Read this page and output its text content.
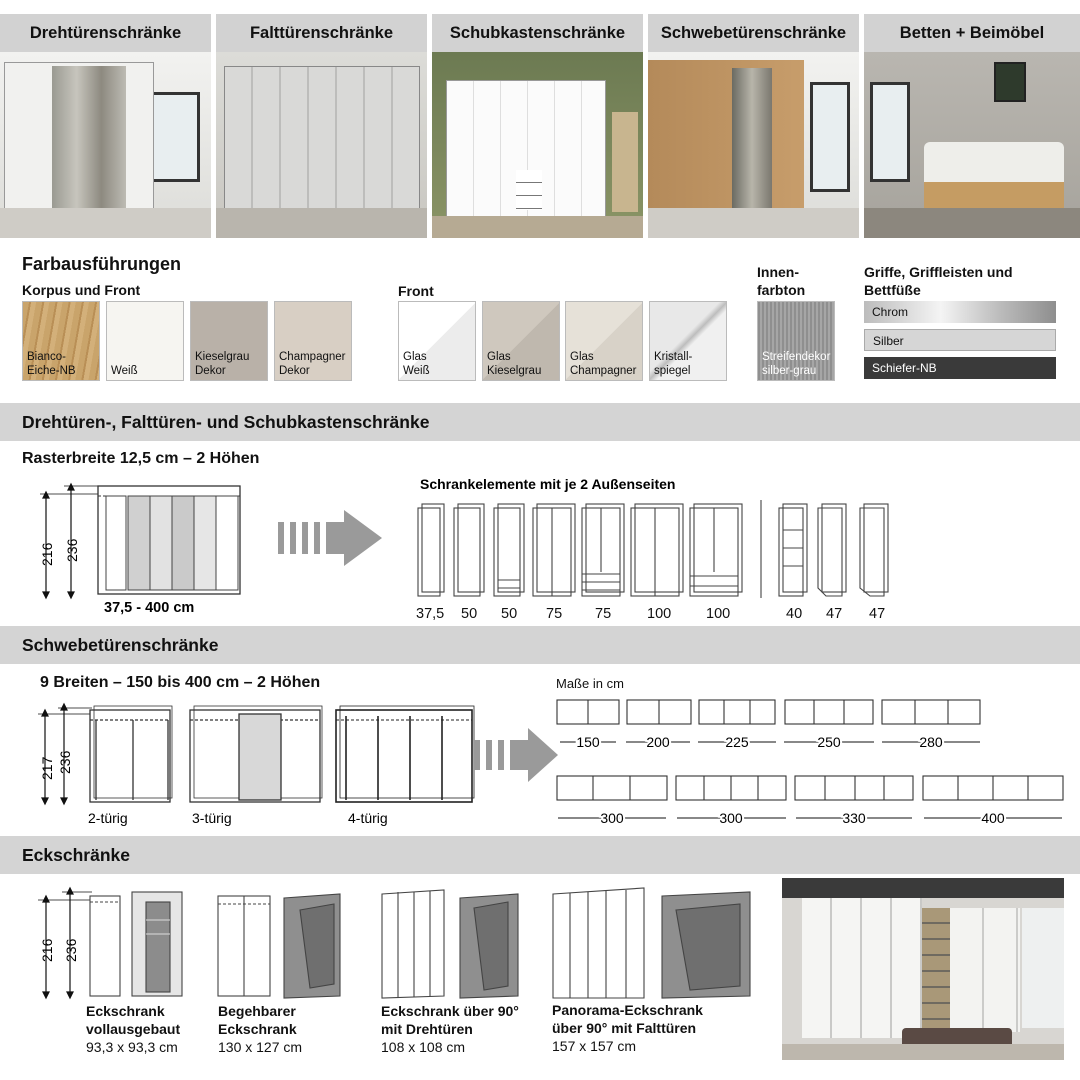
Drehtürenschränke	Falttürenschränke	Schubkastenschränke	Schwebetürenschränke	Betten + Beimöbel
Farbausführungen
Korpus und Front	Front
Innen-
farbton
Griffe, Griffleisten und
Bettfüße
Bianco-
Eiche-NB	Weiß
Kieselgrau
Dekor
Champagner
Dekor
Glas
Weiß
Glas
Kieselgrau
Glas
Champagner
Kristall-
spiegel
Streifendekor
silber-grau
Chrom
Silber
Schiefer-NB
Drehtüren-, Falttüren- und Schubkastenschränke
Rasterbreite 12,5 cm – 2 Höhen
216 236
37,5 - 400 cm
Schrankelemente mit je 2 Außenseiten
37,5 50 50 75 75 100 100	40 47 47
Schwebetürenschränke
9 Breiten – 150 bis 400 cm – 2 Höhen
217 236
2-türig	3-türig	4-türig
150	200	225	250	280
300	300	330	400
Maße in cm
Eckschränke
216 236
Eckschrank
vollausgebaut
93,3 x 93,3 cm
Begehbarer
Eckschrank
130 x 127 cm
Eckschrank über 90°
mit Drehtüren
108 x 108 cm
Panorama-Eckschrank
über 90° mit Falttüren
157 x 157 cm
